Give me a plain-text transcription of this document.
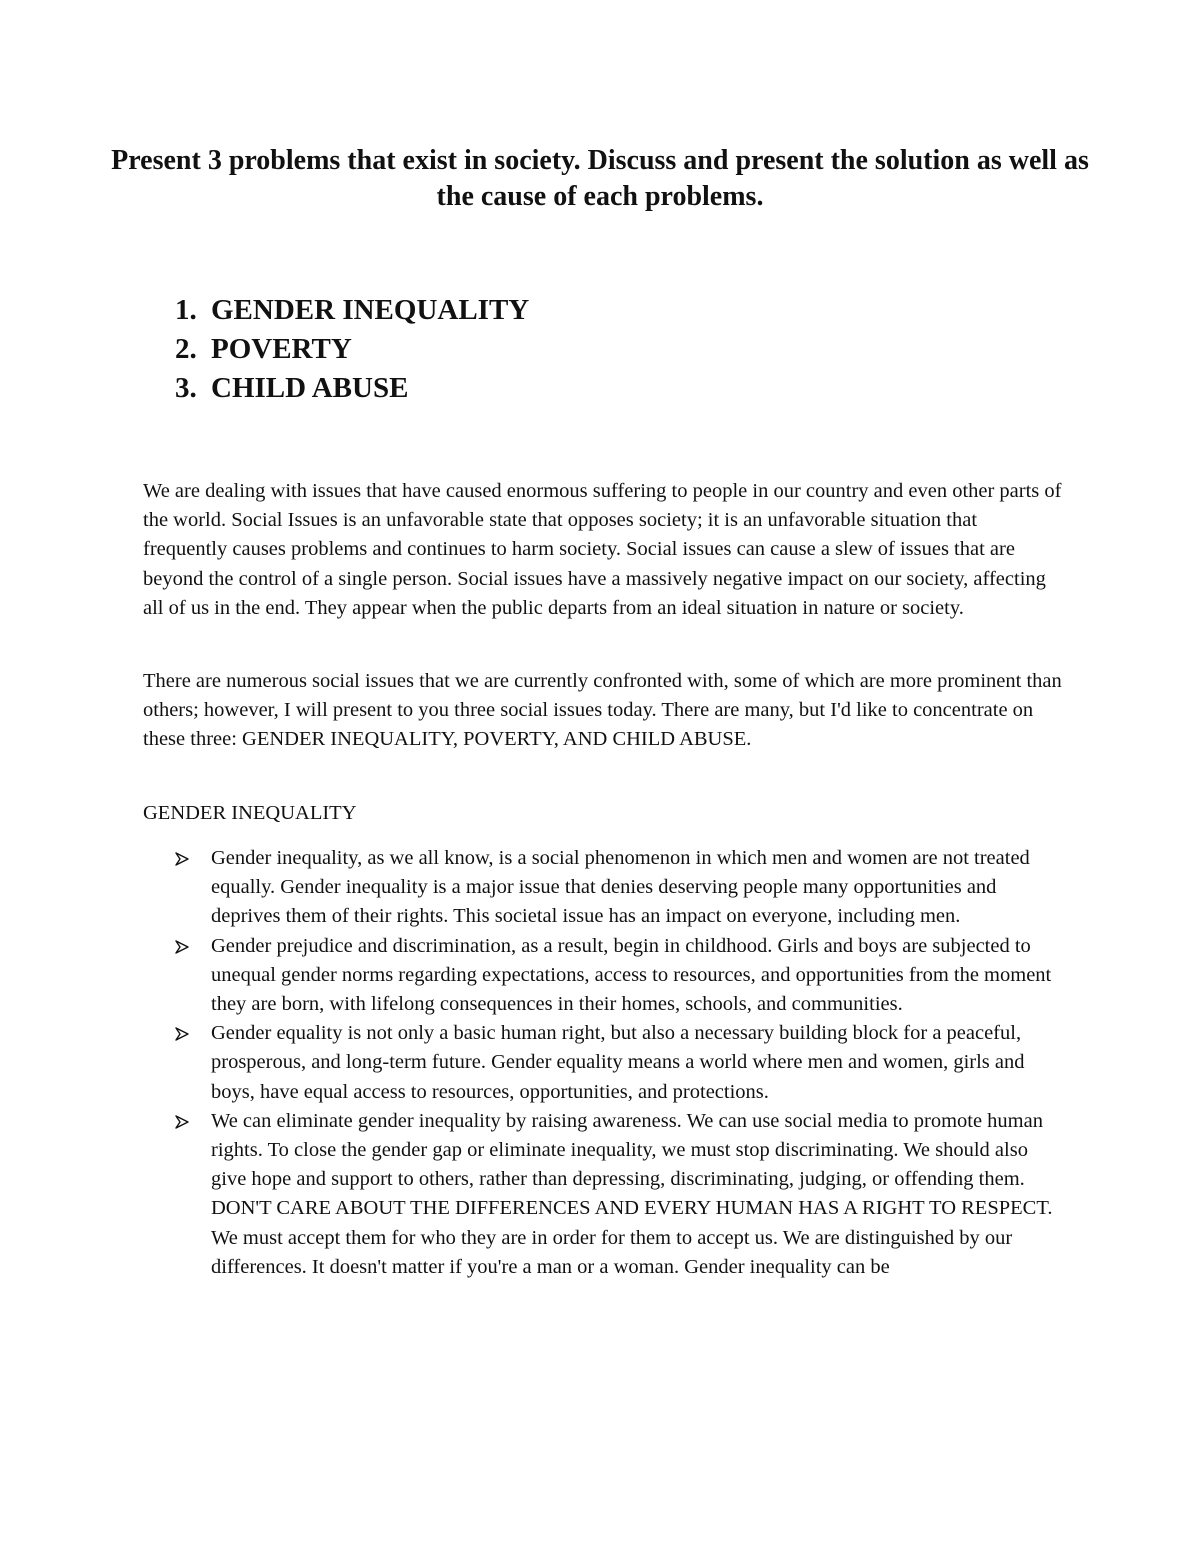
Present 3 problems that exist in society. Discuss and present the solution as well as the cause of each problems.
1. GENDER INEQUALITY
2. POVERTY
3. CHILD ABUSE

We are dealing with issues that have caused enormous suffering to people in our country and even other parts of the world. Social Issues is an unfavorable state that opposes society; it is an unfavorable situation that frequently causes problems and continues to harm society. Social issues can cause a slew of issues that are beyond the control of a single person. Social issues have a massively negative impact on our society, affecting all of us in the end. They appear when the public departs from an ideal situation in nature or society.

There are numerous social issues that we are currently confronted with, some of which are more prominent than others; however, I will present to you three social issues today. There are many, but I'd like to concentrate on these three: GENDER INEQUALITY, POVERTY, AND CHILD ABUSE.

GENDER INEQUALITY

Gender inequality, as we all know, is a social phenomenon in which men and women are not treated equally. Gender inequality is a major issue that denies deserving people many opportunities and deprives them of their rights. This societal issue has an impact on everyone, including men.
Gender prejudice and discrimination, as a result, begin in childhood. Girls and boys are subjected to unequal gender norms regarding expectations, access to resources, and opportunities from the moment they are born, with lifelong consequences in their homes, schools, and communities.
Gender equality is not only a basic human right, but also a necessary building block for a peaceful, prosperous, and long-term future. Gender equality means a world where men and women, girls and boys, have equal access to resources, opportunities, and protections.
We can eliminate gender inequality by raising awareness. We can use social media to promote human rights. To close the gender gap or eliminate inequality, we must stop discriminating. We should also give hope and support to others, rather than depressing, discriminating, judging, or offending them. DON'T CARE ABOUT THE DIFFERENCES AND EVERY HUMAN HAS A RIGHT TO RESPECT. We must accept them for who they are in order for them to accept us. We are distinguished by our differences. It doesn't matter if you're a man or a woman. Gender inequality can be
